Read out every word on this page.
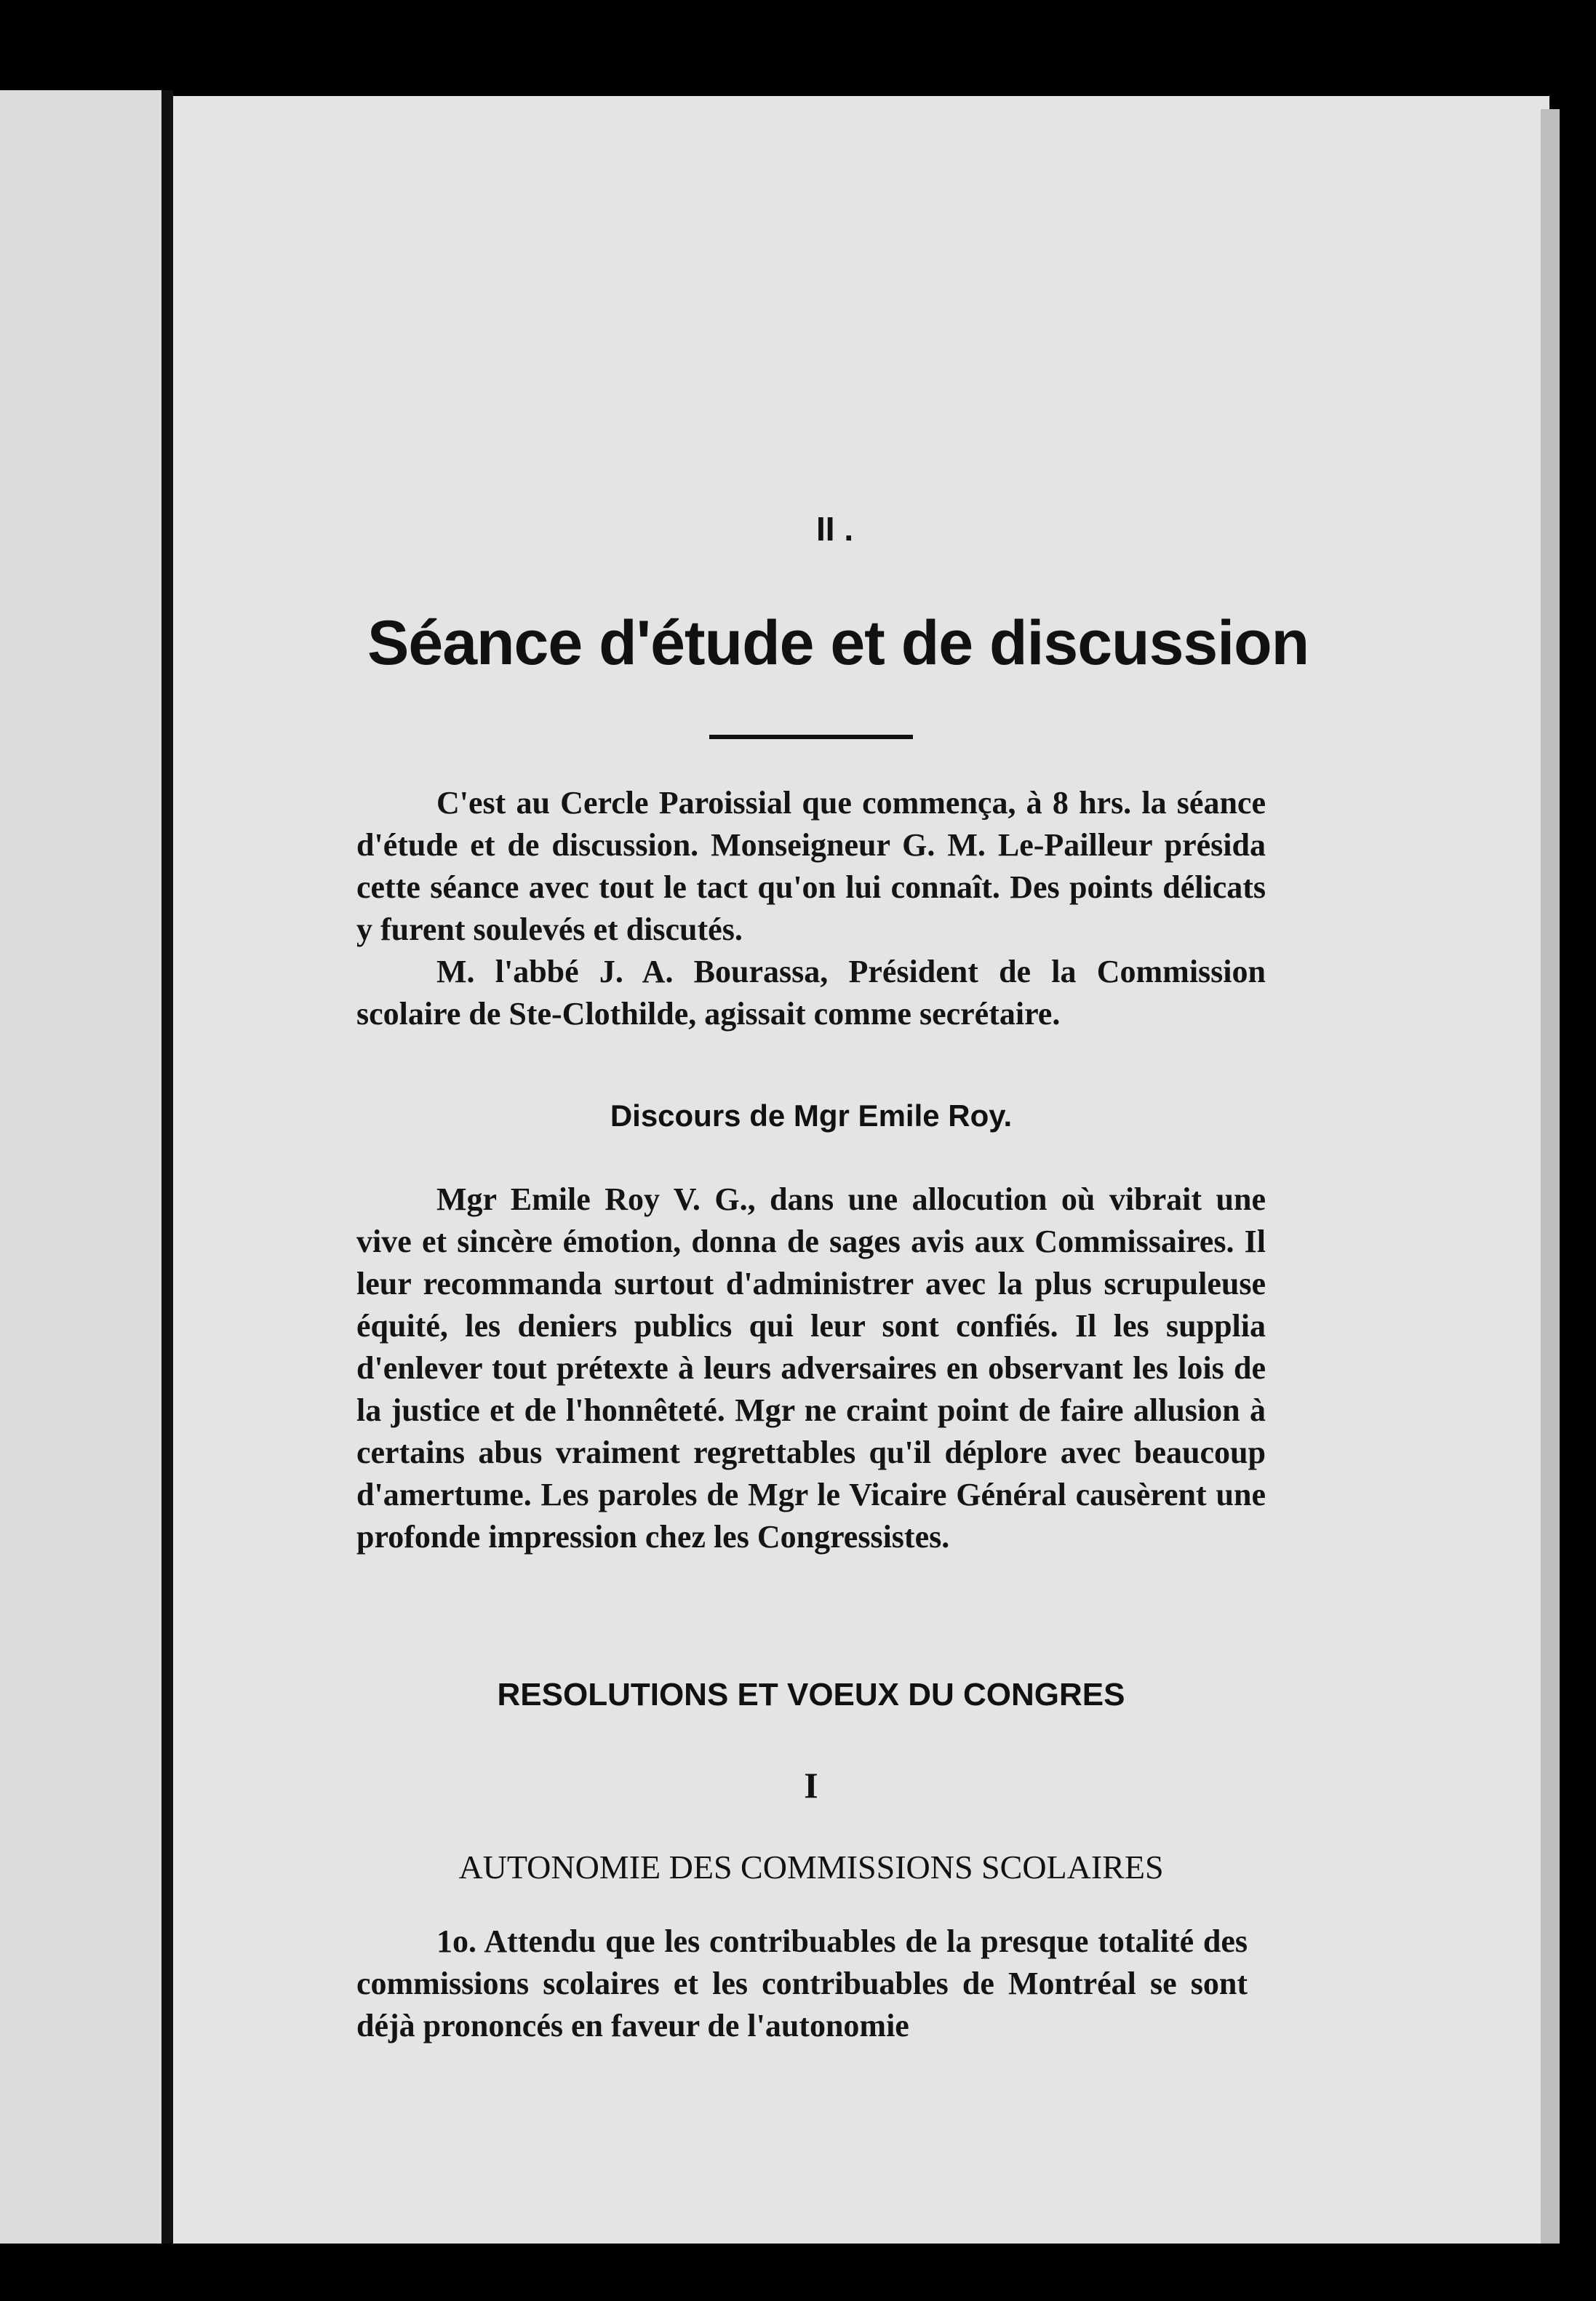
II .
Séance d'étude et de discussion

C'est au Cercle Paroissial que commença, à 8 hrs. la séance d'étude et de discussion. Monseigneur G. M. Le-Pailleur présida cette séance avec tout le tact qu'on lui connaît. Des points délicats y furent soulevés et discutés.

M. l'abbé J. A. Bourassa, Président de la Commission scolaire de Ste-Clothilde, agissait comme secrétaire.

Discours de Mgr Emile Roy.

Mgr Emile Roy V. G., dans une allocution où vibrait une vive et sincère émotion, donna de sages avis aux Commissaires. Il leur recommanda surtout d'administrer avec la plus scrupuleuse équité, les deniers publics qui leur sont confiés. Il les supplia d'enlever tout prétexte à leurs adversaires en observant les lois de la justice et de l'honnêteté. Mgr ne craint point de faire allusion à certains abus vraiment regrettables qu'il déplore avec beaucoup d'amertume. Les paroles de Mgr le Vicaire Général causèrent une profonde impression chez les Congressistes.

RESOLUTIONS ET VOEUX DU CONGRES
I
AUTONOMIE DES COMMISSIONS SCOLAIRES

1o. Attendu que les contribuables de la presque totalité des commissions scolaires et les contribuables de Montréal se sont déjà prononcés en faveur de l'autonomie
